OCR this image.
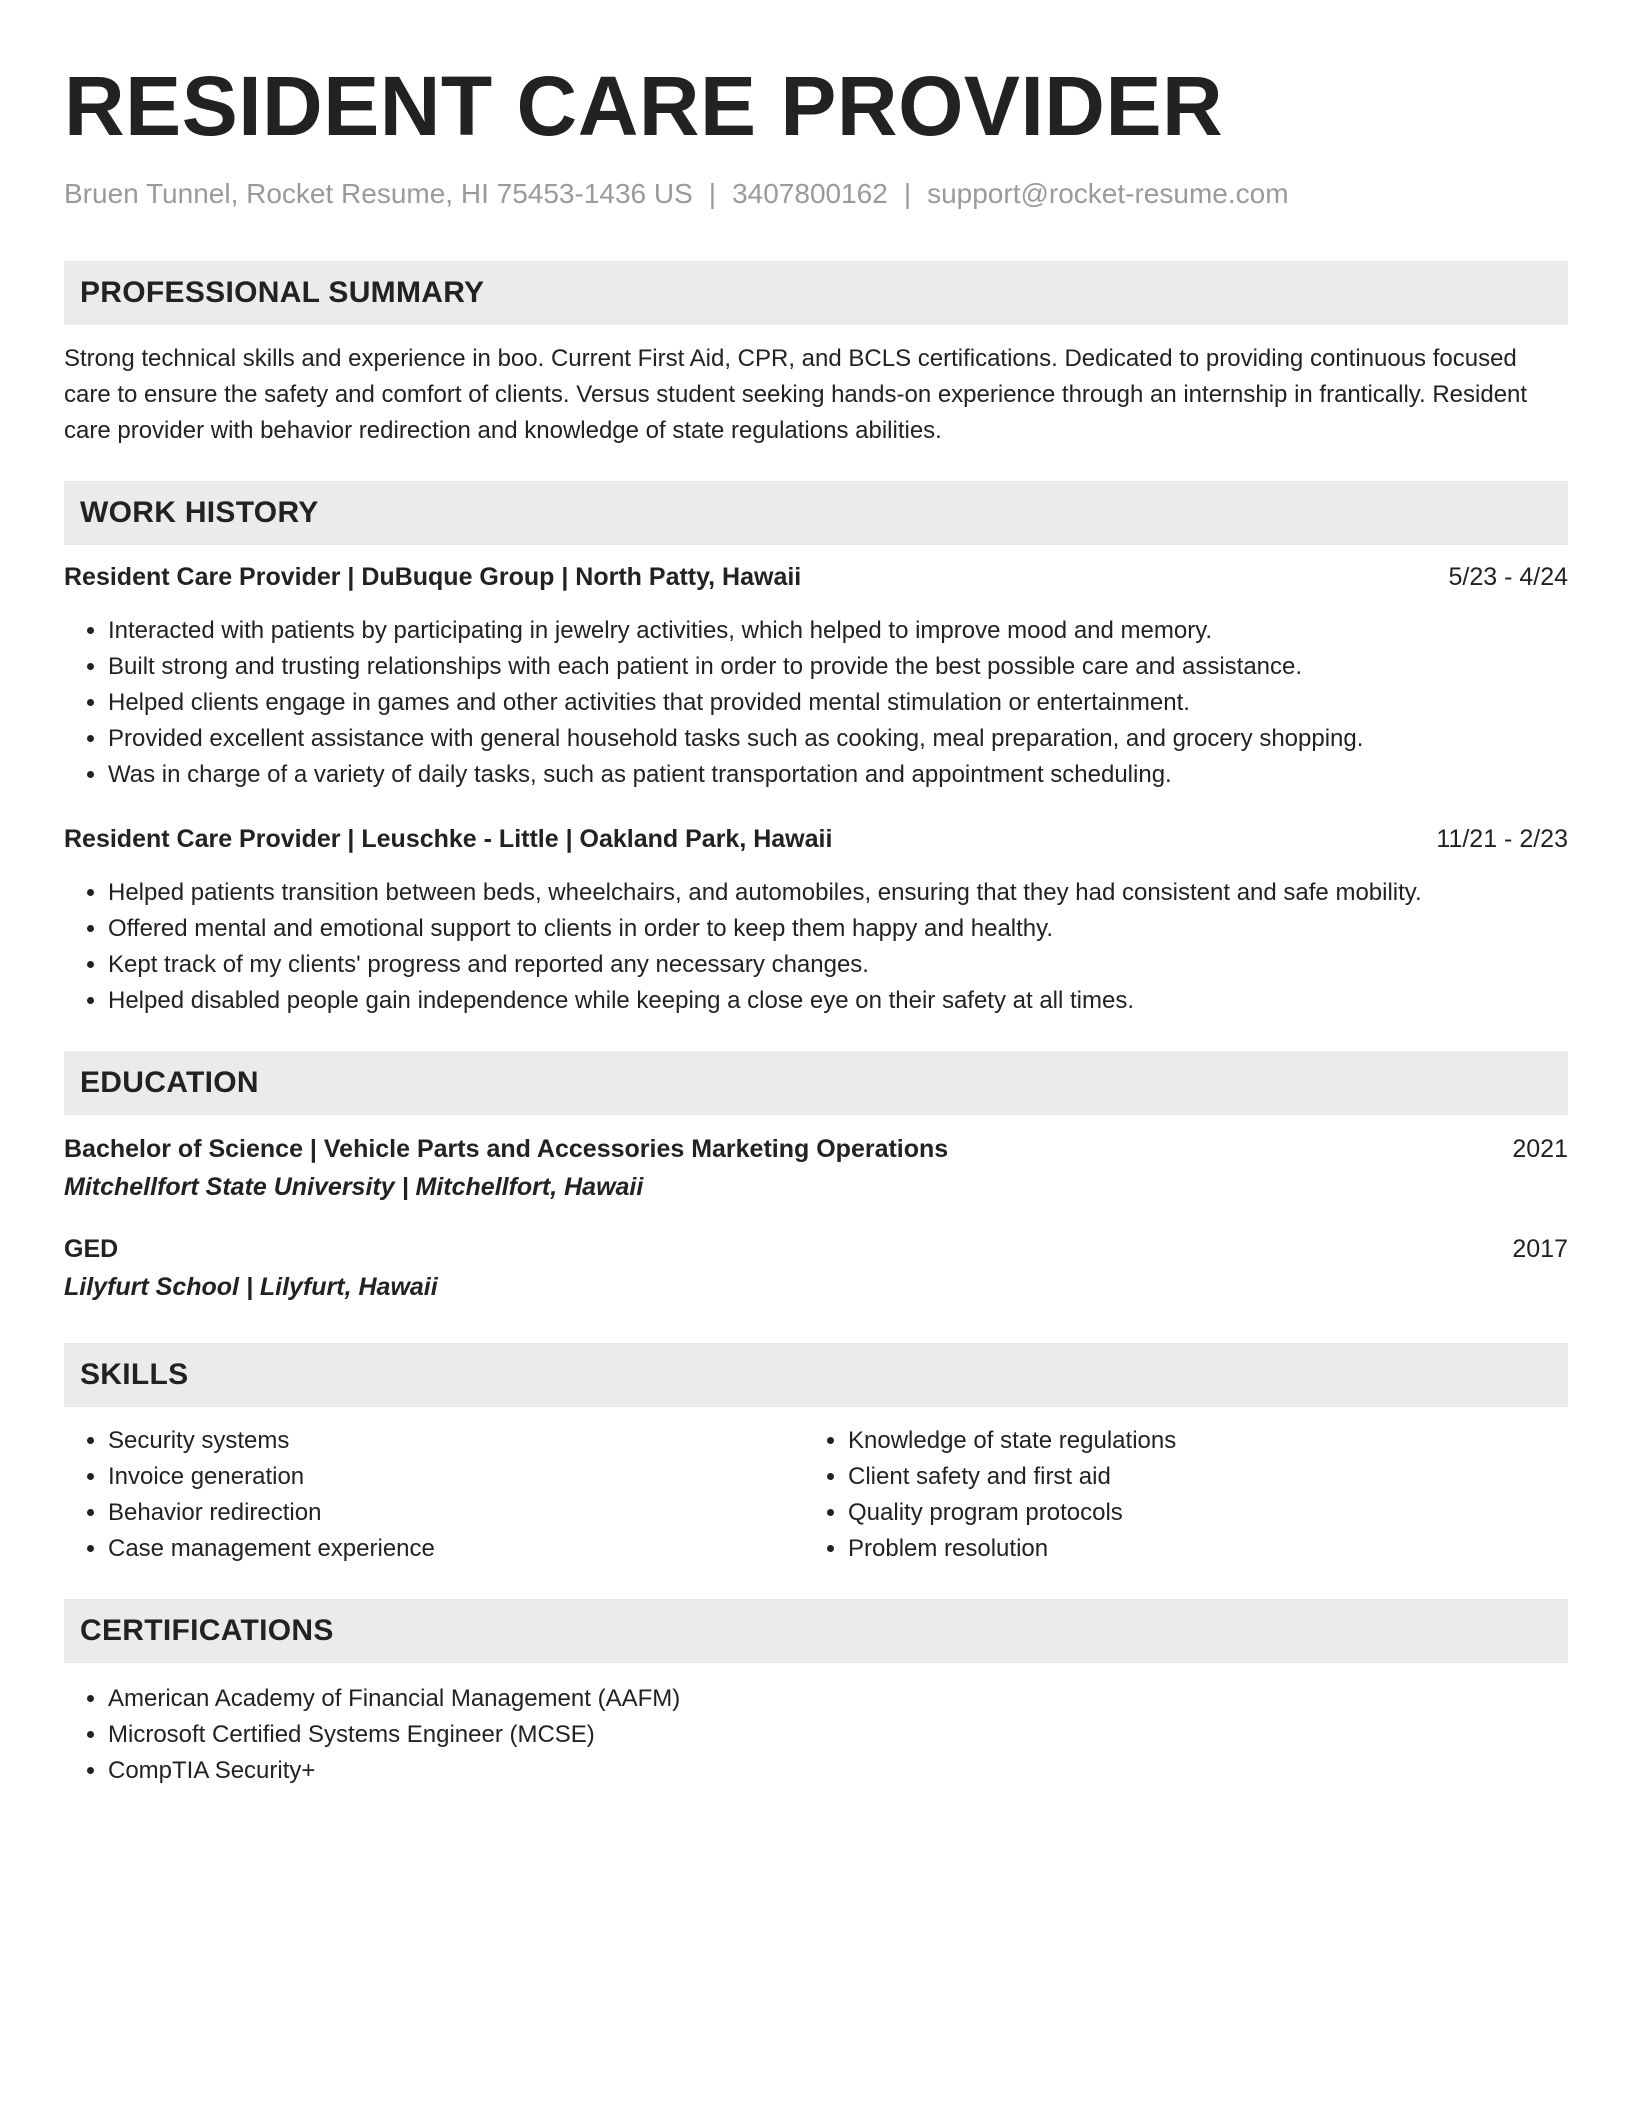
RESIDENT CARE PROVIDER
Bruen Tunnel, Rocket Resume, HI 75453-1436 US | 3407800162 | support@rocket-resume.com
PROFESSIONAL SUMMARY
Strong technical skills and experience in boo. Current First Aid, CPR, and BCLS certifications. Dedicated to providing continuous focused care to ensure the safety and comfort of clients. Versus student seeking hands-on experience through an internship in frantically. Resident care provider with behavior redirection and knowledge of state regulations abilities.
WORK HISTORY
Resident Care Provider | DuBuque Group | North Patty, Hawaii	5/23 - 4/24
• Interacted with patients by participating in jewelry activities, which helped to improve mood and memory.
• Built strong and trusting relationships with each patient in order to provide the best possible care and assistance.
• Helped clients engage in games and other activities that provided mental stimulation or entertainment.
• Provided excellent assistance with general household tasks such as cooking, meal preparation, and grocery shopping.
• Was in charge of a variety of daily tasks, such as patient transportation and appointment scheduling.
Resident Care Provider | Leuschke - Little | Oakland Park, Hawaii	11/21 - 2/23
• Helped patients transition between beds, wheelchairs, and automobiles, ensuring that they had consistent and safe mobility.
• Offered mental and emotional support to clients in order to keep them happy and healthy.
• Kept track of my clients' progress and reported any necessary changes.
• Helped disabled people gain independence while keeping a close eye on their safety at all times.
EDUCATION
Bachelor of Science | Vehicle Parts and Accessories Marketing Operations	2021
Mitchellfort State University | Mitchellfort, Hawaii
GED	2017
Lilyfurt School | Lilyfurt, Hawaii
SKILLS
• Security systems
• Invoice generation
• Behavior redirection
• Case management experience
• Knowledge of state regulations
• Client safety and first aid
• Quality program protocols
• Problem resolution
CERTIFICATIONS
• American Academy of Financial Management (AAFM)
• Microsoft Certified Systems Engineer (MCSE)
• CompTIA Security+
